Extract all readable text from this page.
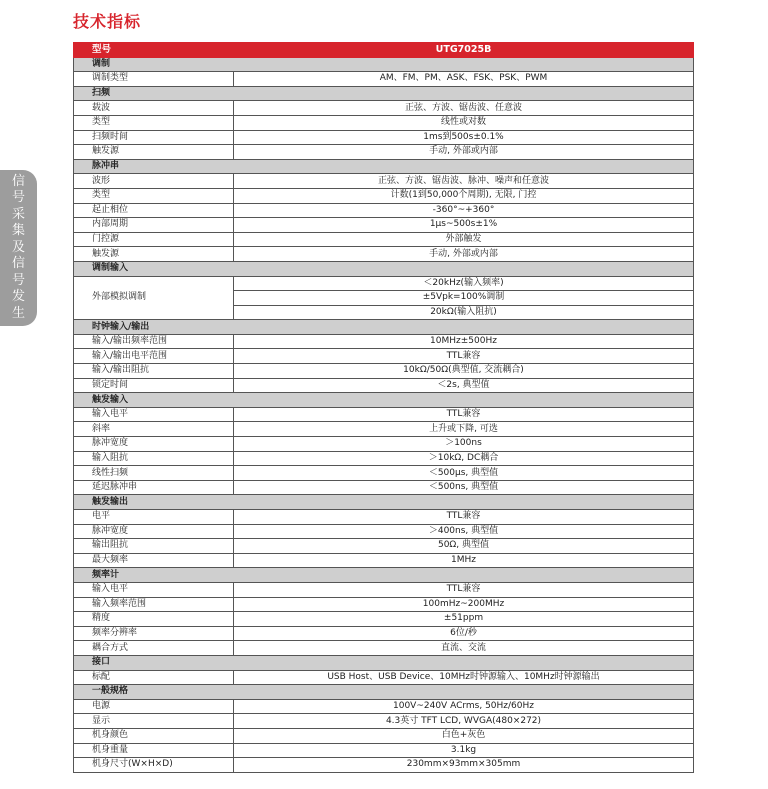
技术指标
信
号
采
集
及
信
号
发
生
型号	UTG7025B
调制	
调制类型	AM、FM、PM、ASK、FSK、PSK、PWM
扫频	
载波	正弦、方波、锯齿波、任意波
类型	线性或对数
扫频时间	1ms到500s±0.1%
触发源	手动, 外部或内部
脉冲串	
波形	正弦、方波、锯齿波、脉冲、噪声和任意波
类型	计数(1到50,000个周期), 无限, 门控
起止相位	-360°~+360°
内部周期	1μs~500s±1%
门控源	外部触发
触发源	手动, 外部或内部
调制输入	
外部模拟调制	＜20kHz(输入频率)
	±5Vpk=100%调制
	20kΩ(输入阻抗)
时钟输入/输出	
输入/输出频率范围	10MHz±500Hz
输入/输出电平范围	TTL兼容
输入/输出阻抗	10kΩ/50Ω(典型值, 交流耦合)
锁定时间	＜2s, 典型值
触发输入	
输入电平	TTL兼容
斜率	上升或下降, 可选
脉冲宽度	＞100ns
输入阻抗	＞10kΩ, DC耦合
线性扫频	＜500μs, 典型值
延迟脉冲串	＜500ns, 典型值
触发输出	
电平	TTL兼容
脉冲宽度	＞400ns, 典型值
输出阻抗	50Ω, 典型值
最大频率	1MHz
频率计	
输入电平	TTL兼容
输入频率范围	100mHz~200MHz
精度	±51ppm
频率分辨率	6位/秒
耦合方式	直流、交流
接口	
标配	USB Host、USB Device、10MHz时钟源输入、10MHz时钟源输出
一般规格	
电源	100V~240V ACrms, 50Hz/60Hz
显示	4.3英寸 TFT LCD, WVGA(480×272)
机身颜色	白色+灰色
机身重量	3.1kg
机身尺寸(W×H×D)	230mm×93mm×305mm
